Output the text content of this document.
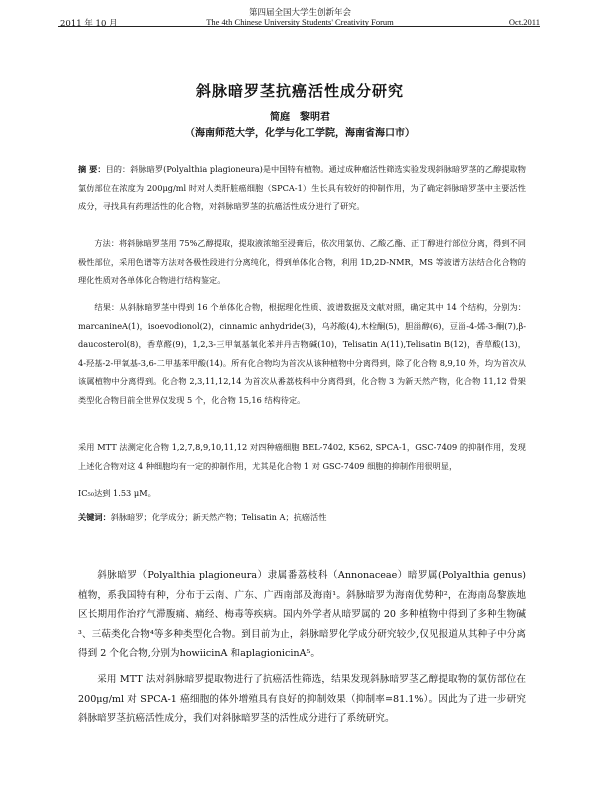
第四届全国大学生创新年会
2011 年 10 月	The 4th Chinese University Students' Creativity Forum	Oct.2011
斜脉暗罗茎抗癌活性成分研究
简庭　黎明君
（海南师范大学，化学与化工学院，海南省海口市）
摘 要：目的：斜脉暗罗(Polyalthia plagioneura)是中国特有植物。通过成种瘤活性筛选实验发现斜脉暗罗茎的乙醇提取物氯仿部位在浓度为 200μg/ml 时对人类肝脏癌细胞（SPCA-1）生长具有较好的抑制作用，为了确定斜脉暗罗茎中主要活性成分，寻找具有药理活性的化合物，对斜脉暗罗茎的抗癌活性成分进行了研究。
方法：将斜脉暗罗茎用 75%乙醇提取，提取液浓缩至浸膏后，依次用氯仿、乙酸乙酯、正丁醇进行部位分离，得到不同极性部位，采用色谱等方法对各极性段进行分离纯化，得到单体化合物，利用 1D,2D-NMR，MS 等波谱方法结合化合物的理化性质对各单体化合物进行结构鉴定。
结果：从斜脉暗罗茎中得到 16 个单体化合物，根据理化性质、波谱数据及文献对照，确定其中 14 个结构，分别为：marcanineA(1)，isoevodionol(2)，cinnamic anhydride(3)，乌苏酸(4),木栓酮(5)，胆甾醇(6)，豆甾-4-烯-3-酮(7),β-daucosterol(8)，香草醛(9)，1,2,3-三甲氧基氧化苯并丹吉物碱(10)，Telisatin A(11),Telisatin B(12)，香草酸(13)，4-羟基-2-甲氧基-3,6-二甲基苯甲酸(14)。所有化合物均为首次从该种植物中分离得到，除了化合物 8,9,10 外，均为首次从该属植物中分离得到。化合物 2,3,11,12,14 为首次从番荔枝科中分离得到，化合物 3 为新天然产物，化合物 11,12 骨架类型化合物目前全世界仅发现 5 个，化合物 15,16 结构待定。
采用 MTT 法测定化合物 1,2,7,8,9,10,11,12 对四种癌细胞 BEL-7402, K562, SPCA-1，GSC-7409 的抑制作用，发现上述化合物对这 4 种细胞均有一定的抑制作用，尤其是化合物 1 对 GSC-7409 细胞的抑制作用很明显，
IC₅₀达到 1.53 μM。
关键词：斜脉暗罗；化学成分；新天然产物；Telisatin A；抗癌活性
斜脉暗罗（Polyalthia plagioneura）隶属番荔枝科（Annonaceae）暗罗属(Polyalthia genus) 植物，系我国特有种，分布于云南、广东、广西南部及海南¹。斜脉暗罗为海南优势种²，在海南岛黎族地区长期用作治疗气滞腹痛、痛经、梅毒等疾病。国内外学者从暗罗属的 20 多种植物中得到了多种生物碱³、三萜类化合物⁴等多种类型化合物。到目前为止，斜脉暗罗化学成分研究较少,仅见报道从其种子中分离得到 2 个化合物,分别为howiicinA 和aplagionicinA⁵。
采用 MTT 法对斜脉暗罗提取物进行了抗癌活性筛选，结果发现斜脉暗罗茎乙醇提取物的氯仿部位在 200μg/ml 对 SPCA-1 癌细胞的体外增殖具有良好的抑制效果（抑制率=81.1%）。因此为了进一步研究斜脉暗罗茎抗癌活性成分，我们对斜脉暗罗茎的活性成分进行了系统研究。
